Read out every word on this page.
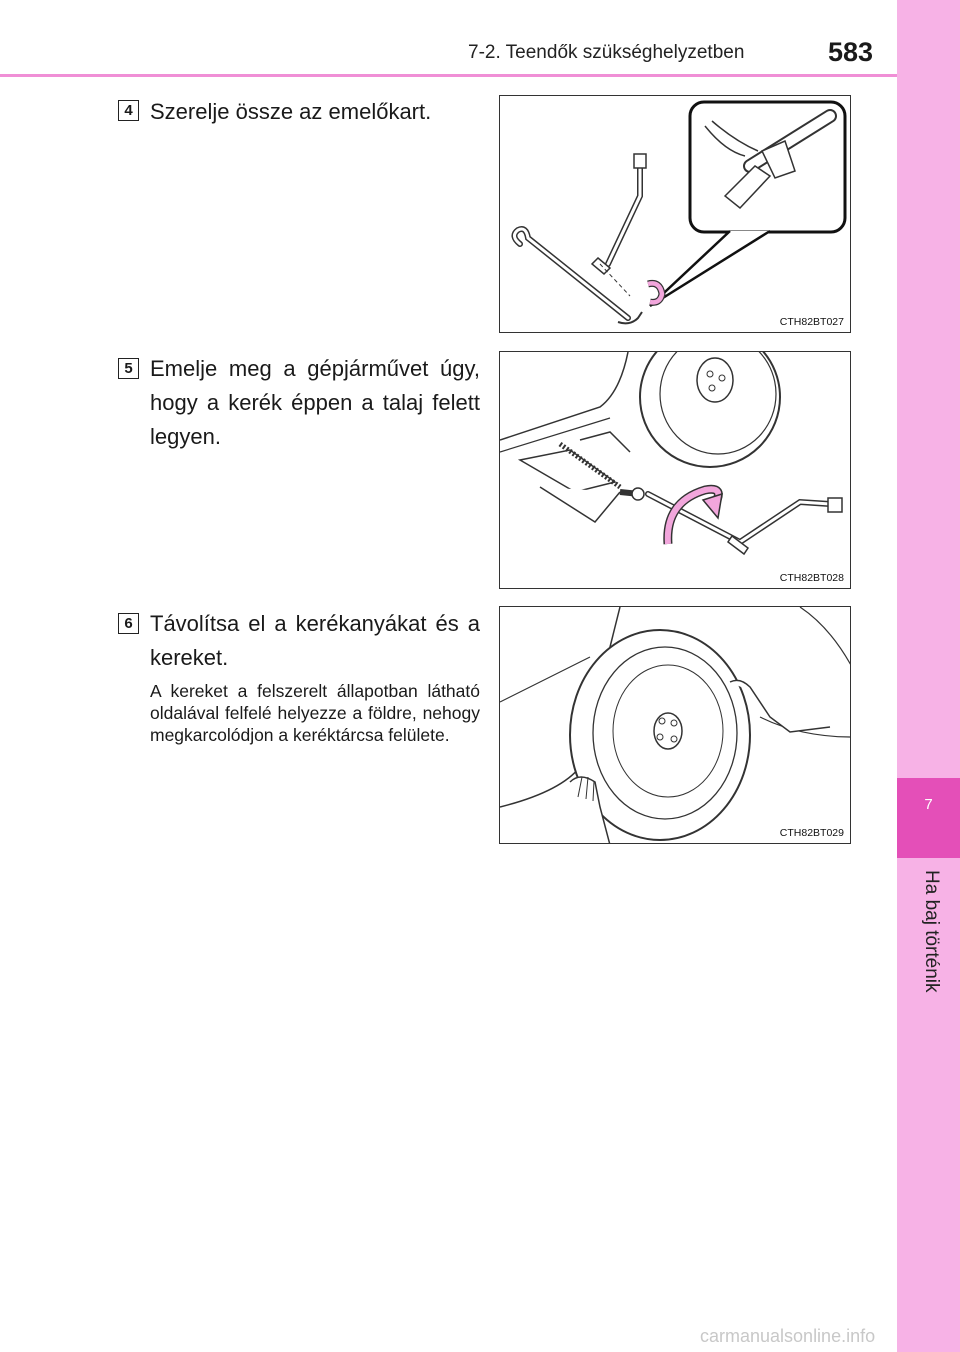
7
Ha baj történik
7-2. Teendők szükséghelyzetben	583
4 Szerelje össze az emelőkart.
CTH82BT027
5 Emelje meg a gépjárművet úgy, hogy a kerék éppen a talaj felett legyen.
CTH82BT028
6 Távolítsa el a kerékanyákat és a kereket.
A kereket a felszerelt állapotban látható oldalával felfelé helyezze a földre, nehogy megkarcolódjon a keréktárcsa felülete.
CTH82BT029
carmanualsonline.info
